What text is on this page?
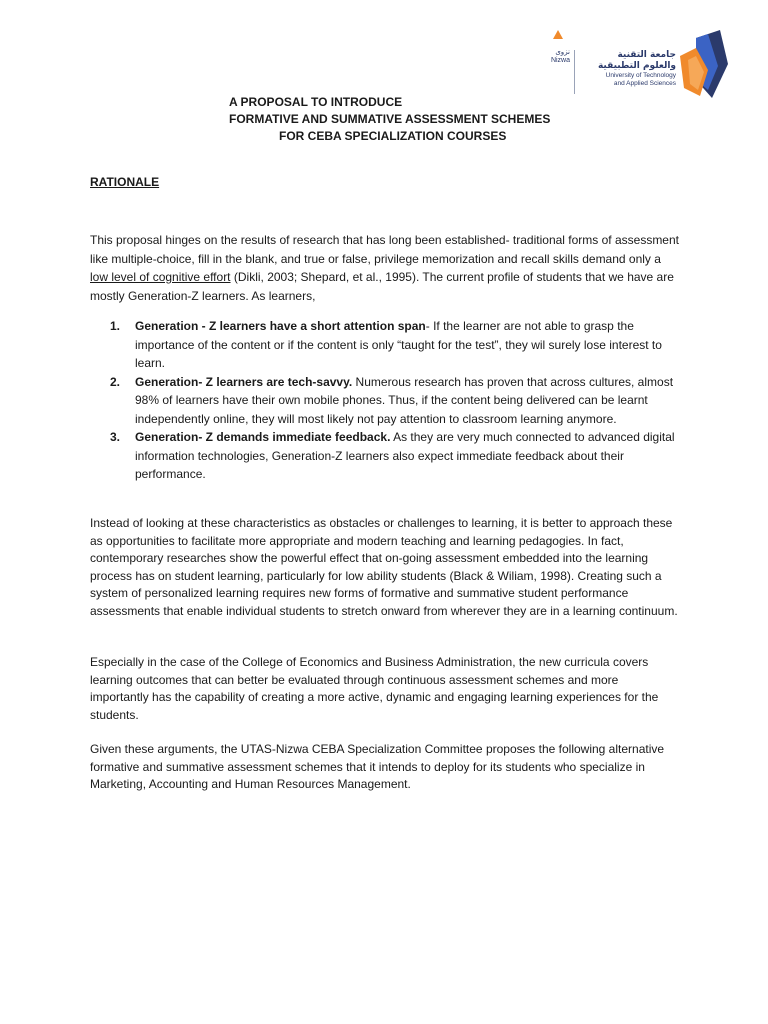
نزوى
Nizwa
جامعة التقنية
والعلوم التطبيقية
University of Technology
and Applied Sciences
A PROPOSAL TO INTRODUCE
FORMATIVE AND SUMMATIVE ASSESSMENT SCHEMES
FOR CEBA SPECIALIZATION COURSES
RATIONALE

This proposal hinges on the results of research that has long been established- traditional forms of assessment like multiple-choice, fill in the blank, and true or false, privilege memorization and recall skills demand only a low level of cognitive effort (Dikli, 2003; Shepard, et al., 1995). The current profile of students that we have are mostly Generation-Z learners. As learners,

1. Generation - Z learners have a short attention span- If the learner are not able to grasp the importance of the content or if the content is only “taught for the test”, they wil surely lose interest to learn.
2. Generation- Z learners are tech-savvy. Numerous research has proven that across cultures, almost 98% of learners have their own mobile phones. Thus, if the content being delivered can be learnt independently online, they will most likely not pay attention to classroom learning anymore.
3. Generation- Z demands immediate feedback. As they are very much connected to advanced digital information technologies, Generation-Z learners also expect immediate feedback about their performance.

Instead of looking at these characteristics as obstacles or challenges to learning, it is better to approach these as opportunities to facilitate more appropriate and modern teaching and learning pedagogies. In fact, contemporary researches show the powerful effect that on-going assessment embedded into the learning process has on student learning, particularly for low ability students (Black & Wiliam, 1998). Creating such a system of personalized learning requires new forms of formative and summative student performance assessments that enable individual students to stretch onward from wherever they are in a learning continuum.

Especially in the case of the College of Economics and Business Administration, the new curricula covers learning outcomes that can better be evaluated through continuous assessment schemes and more importantly has the capability of creating a more active, dynamic and engaging learning experiences for the students.

Given these arguments, the UTAS-Nizwa CEBA Specialization Committee proposes the following alternative formative and summative assessment schemes that it intends to deploy for its students who specialize in Marketing, Accounting and Human Resources Management.
